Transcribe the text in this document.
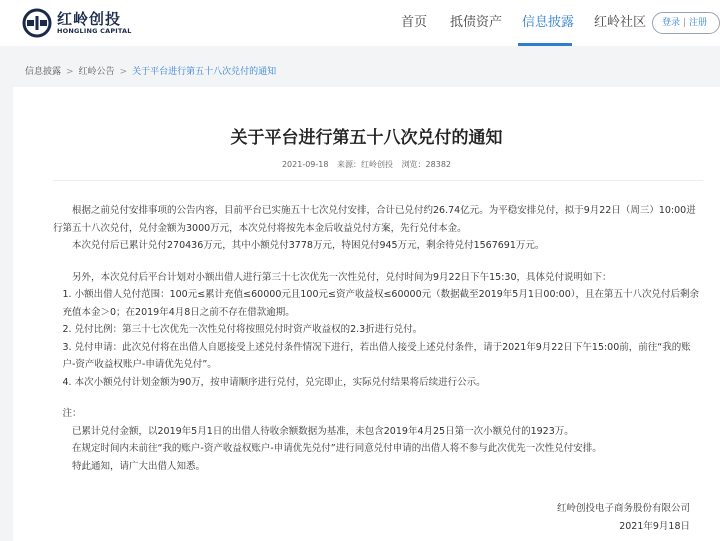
红岭创投
HONGLING CAPITAL
首页 抵债资产 信息披露 红岭社区	登录 | 注册
信息披露 > 红岭公告 > 关于平台进行第五十八次兑付的通知
关于平台进行第五十八次兑付的通知
2021-09-18 来源：红岭创投 浏览：28382

根据之前兑付安排事项的公告内容，目前平台已实施五十七次兑付安排，合计已兑付约26.74亿元。为平稳安排兑付，拟于9月22日（周三）10:00进行第五十八次兑付，兑付金额为3000万元，本次兑付将按先本金后收益兑付方案，先行兑付本金。

本次兑付后已累计兑付270436万元，其中小额兑付3778万元，特困兑付945万元，剩余待兑付1567691万元。

另外，本次兑付后平台计划对小额出借人进行第三十七次优先一次性兑付，兑付时间为9月22日下午15:30，具体兑付说明如下：

1. 小额出借人兑付范围：100元≤累计充值≤60000元且100元≤资产收益权≤60000元（数据截至2019年5月1日00:00），且在第五十八次兑付后剩余充值本金＞0；在2019年4月8日之前不存在借款逾期。

2. 兑付比例：第三十七次优先一次性兑付将按照兑付时资产收益权的2.3折进行兑付。

3. 兑付申请：此次兑付将在出借人自愿接受上述兑付条件情况下进行，若出借人接受上述兑付条件，请于2021年9月22日下午15:00前，前往“我的账户-资产收益权账户-申请优先兑付”。

4. 本次小额兑付计划金额为90万，按申请顺序进行兑付，兑完即止，实际兑付结果将后续进行公示。

注：

已累计兑付金额，以2019年5月1日的出借人待收余额数据为基准，未包含2019年4月25日第一次小额兑付的1923万。

在规定时间内未前往“我的账户-资产收益权账户-申请优先兑付”进行同意兑付申请的出借人将不参与此次优先一次性兑付安排。

特此通知，请广大出借人知悉。

红岭创投电子商务股份有限公司
2021年9月18日
